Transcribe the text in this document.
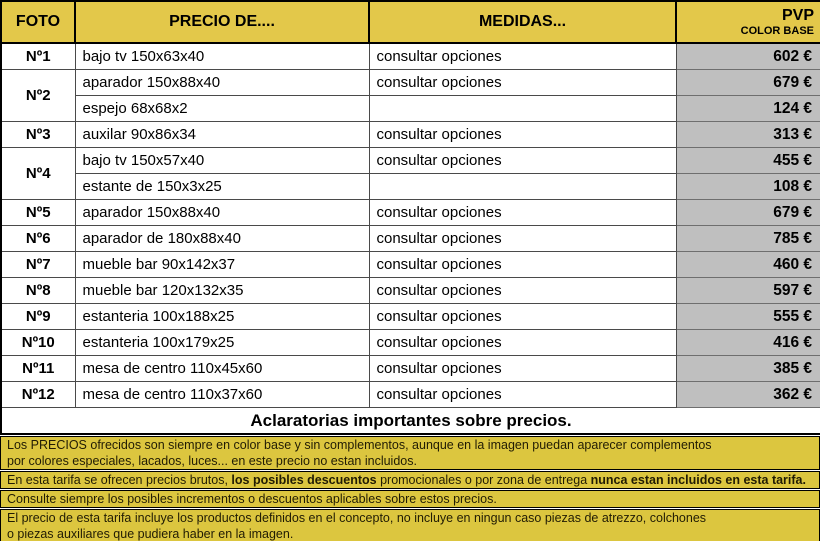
FOTO	PRECIO DE....	MEDIDAS...	PVP
COLOR BASE

Nº1	bajo tv 150x63x40	consultar opciones	602 €
Nº2	aparador 150x88x40	consultar opciones	679 €
	espejo 68x68x2		124 €
Nº3	auxilar 90x86x34	consultar opciones	313 €
Nº4	bajo tv 150x57x40	consultar opciones	455 €
	estante de 150x3x25		108 €
Nº5	aparador 150x88x40	consultar opciones	679 €
Nº6	aparador de 180x88x40	consultar opciones	785 €
Nº7	mueble bar 90x142x37	consultar opciones	460 €
Nº8	mueble bar 120x132x35	consultar opciones	597 €
Nº9	estanteria 100x188x25	consultar opciones	555 €
Nº10	estanteria 100x179x25	consultar opciones	416 €
Nº11	mesa de centro 110x45x60	consultar opciones	385 €
Nº12	mesa de centro 110x37x60	consultar opciones	362 €
Aclaratorias importantes sobre precios.			
Los PRECIOS ofrecidos son siempre en color base y sin complementos, aunque en la imagen puedan aparecer complementos
por colores especiales, lacados, luces... en este precio no estan incluidos.
En esta tarifa se ofrecen precios brutos, los posibles descuentos promocionales o por zona de entrega nunca estan incluidos en esta tarifa.
Consulte siempre los posibles incrementos o descuentos aplicables sobre estos precios.
El precio de esta tarifa incluye los productos definidos en el concepto, no incluye en ningun caso piezas de atrezzo, colchones
o piezas auxiliares que pudiera haber en la imagen.
